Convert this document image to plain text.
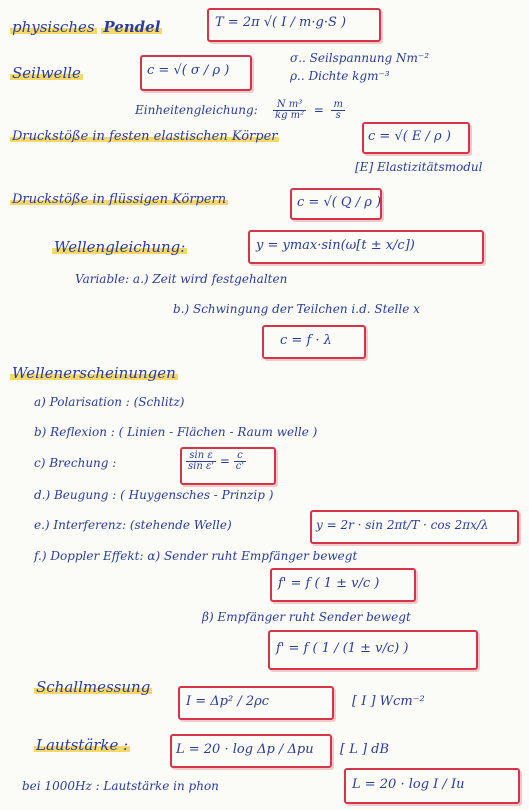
physisches Pendel	T = 2π √( I / m·g·S )
Seilwelle	c = √( σ / ρ )
σ.. Seilspannung Nm⁻²
ρ.. Dichte kgm⁻³
Einheitengleichung: $\frac{\text{N m³}}{\text{kg m²}} = \frac{m}{s}$
Druckstöße in festen elastischen Körper	c = √( E / ρ )
[E] Elastizitätsmodul
Druckstöße in flüssigen Körpern	c = √( Q / ρ )
Wellengleichung:	y = ymax·sin(ω[t ± x/c])
Variable: a.) Zeit wird festgehalten
b.) Schwingung der Teilchen i.d. Stelle x
c = f · λ
Wellenerscheinungen
a) Polarisation : (Schlitz)
b) Reflexion : ( Linien - Flächen - Raum welle )
c) Brechung :	$\frac{\text{sin ε}}{\text{sin ε'}} = \frac{c}{c'}$
d.) Beugung : ( Huygensches - Prinzip )
e.) Interferenz: (stehende Welle)	y = 2r · sin 2πt/T · cos 2πx/λ
f.) Doppler Effekt: α) Sender ruht Empfänger bewegt
f' = f ( 1 ± v/c )
β) Empfänger ruht Sender bewegt
f' = f ( 1 / (1 ± v/c) )
Schallmessung
I = Δp² / 2ρc	[ I ] Wcm⁻²
Lautstärke :	L = 20 · log Δp / Δpu [ L ] dB
bei 1000Hz : Lautstärke in phon	L = 20 · log I / Iu
